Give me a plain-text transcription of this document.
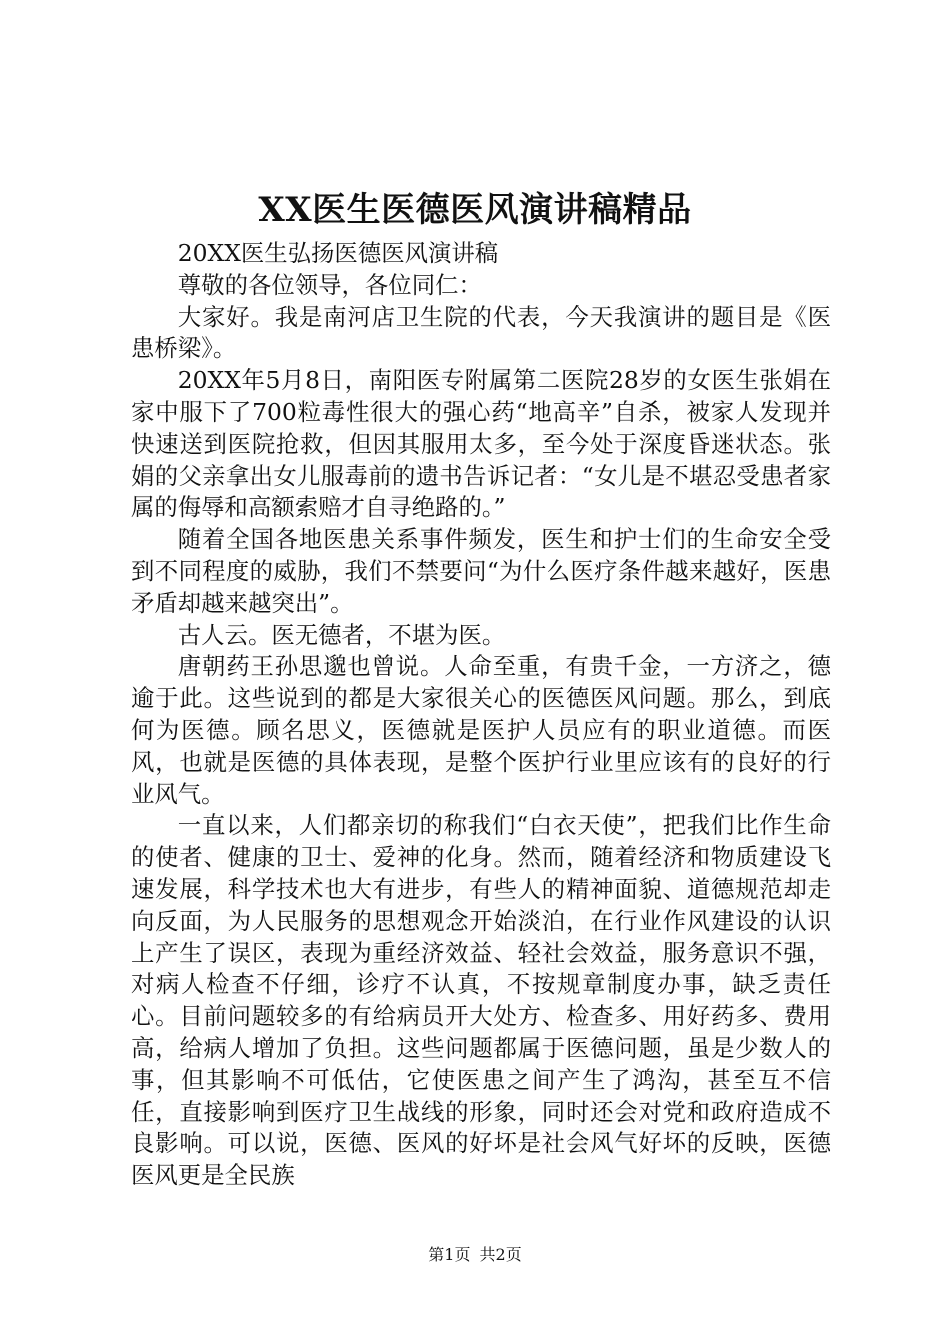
XX医生医德医风演讲稿精品

20XX医生弘扬医德医风演讲稿

尊敬的各位领导，各位同仁：

大家好。我是南河店卫生院的代表，今天我演讲的题目是《医患桥梁》。

20XX年5月8日，南阳医专附属第二医院28岁的女医生张娟在家中服下了700粒毒性很大的强心药“地高辛”自杀，被家人发现并快速送到医院抢救，但因其服用太多，至今处于深度昏迷状态。张娟的父亲拿出女儿服毒前的遗书告诉记者：“女儿是不堪忍受患者家属的侮辱和高额索赔才自寻绝路的。”

随着全国各地医患关系事件频发，医生和护士们的生命安全受到不同程度的威胁，我们不禁要问“为什么医疗条件越来越好，医患矛盾却越来越突出”。

古人云。医无德者，不堪为医。

唐朝药王孙思邈也曾说。人命至重，有贵千金，一方济之，德逾于此。这些说到的都是大家很关心的医德医风问题。那么，到底何为医德。顾名思义，医德就是医护人员应有的职业道德。而医风，也就是医德的具体表现，是整个医护行业里应该有的良好的行业风气。

一直以来，人们都亲切的称我们“白衣天使”，把我们比作生命的使者、健康的卫士、爱神的化身。然而，随着经济和物质建设飞速发展，科学技术也大有进步，有些人的精神面貌、道德规范却走向反面，为人民服务的思想观念开始淡泊，在行业作风建设的认识上产生了误区，表现为重经济效益、轻社会效益，服务意识不强，对病人检查不仔细，诊疗不认真，不按规章制度办事，缺乏责任心。目前问题较多的有给病员开大处方、检查多、用好药多、费用高，给病人增加了负担。这些问题都属于医德问题，虽是少数人的事，但其影响不可低估，它使医患之间产生了鸿沟，甚至互不信任，直接影响到医疗卫生战线的形象，同时还会对党和政府造成不良影响。可以说，医德、医风的好坏是社会风气好坏的反映，医德医风更是全民族

第1页 共2页
